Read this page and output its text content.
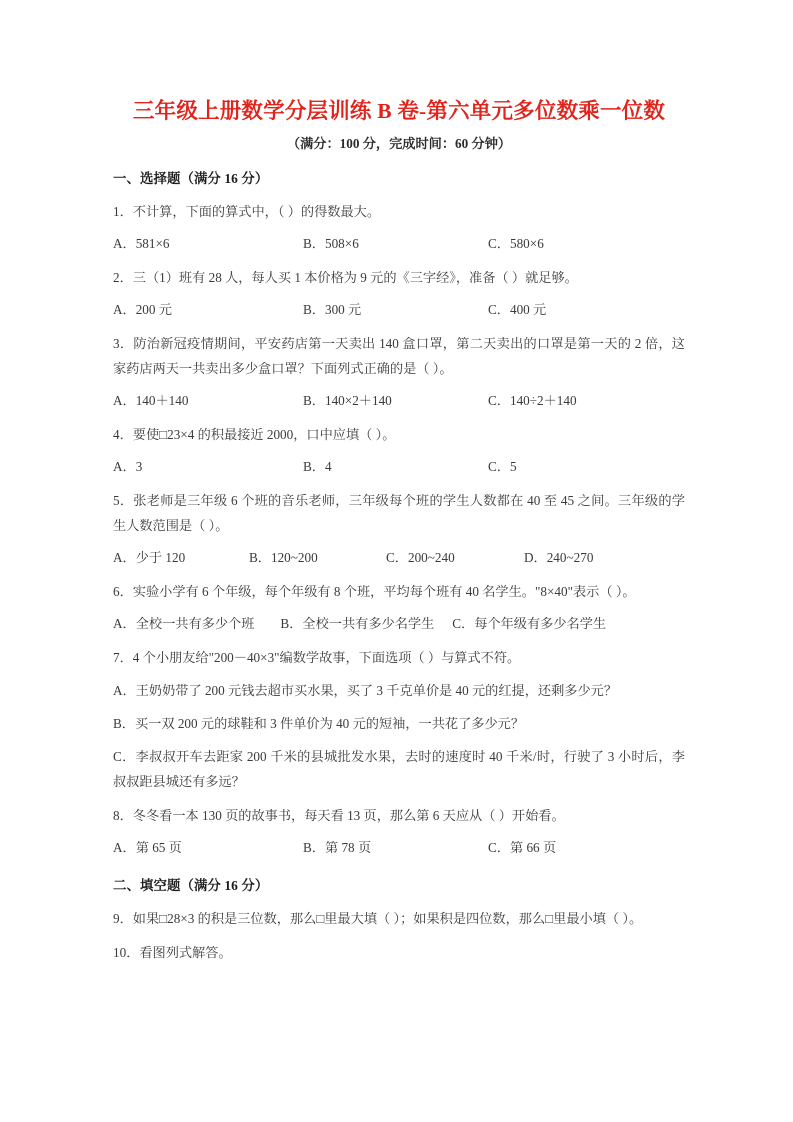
三年级上册数学分层训练 B 卷-第六单元多位数乘一位数

（满分：100 分，完成时间：60 分钟）

一、选择题（满分 16 分）

1．不计算，下面的算式中，（ ）的得数最大。

A．581×6	B．508×6	C．580×6

2．三（1）班有 28 人，每人买 1 本价格为 9 元的《三字经》，准备（ ）就足够。

A．200 元	B．300 元	C．400 元

3．防治新冠疫情期间，平安药店第一天卖出 140 盒口罩，第二天卖出的口罩是第一天的 2 倍，这家药店两天一共卖出多少盒口罩？下面列式正确的是（ ）。

A．140＋140	B．140×2＋140	C．140÷2＋140

4．要使□23×4 的积最接近 2000，口中应填（ ）。

A．3	B．4	C．5

5．张老师是三年级 6 个班的音乐老师，三年级每个班的学生人数都在 40 至 45 之间。三年级的学生人数范围是（ ）。

A．少于 120	B．120~200	C．200~240	D．240~270

6．实验小学有 6 个年级，每个年级有 8 个班，平均每个班有 40 名学生。"8×40"表示（ ）。

A．全校一共有多少个班 B．全校一共有多少名学生 C．每个年级有多少名学生

7．4 个小朋友给"200－40×3"编数学故事，下面选项（ ）与算式不符。

A．王奶奶带了 200 元钱去超市买水果，买了 3 千克单价是 40 元的红提，还剩多少元？

B．买一双 200 元的球鞋和 3 件单价为 40 元的短袖，一共花了多少元？

C．李叔叔开车去距家 200 千米的县城批发水果，去时的速度时 40 千米/时，行驶了 3 小时后，李叔叔距县城还有多远？

8．冬冬看一本 130 页的故事书，每天看 13 页，那么第 6 天应从（ ）开始看。

A．第 65 页	B．第 78 页	C．第 66 页
二、填空题（满分 16 分）

9．如果□28×3 的积是三位数，那么□里最大填（ ）；如果积是四位数，那么□里最小填（ ）。

10．看图列式解答。
